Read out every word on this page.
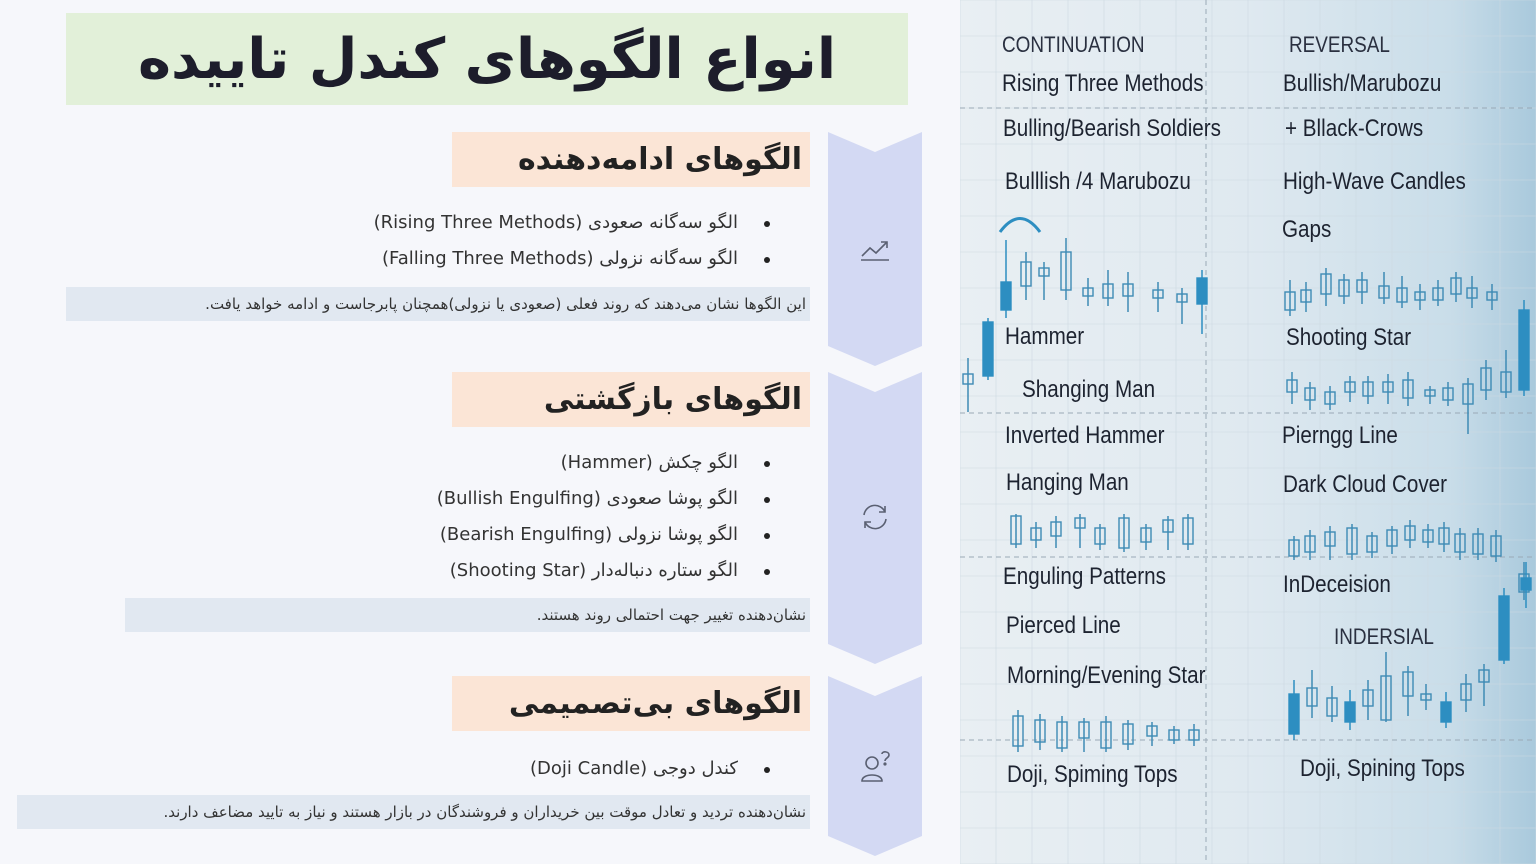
انواع الگوهای کندل تاییده
الگوهای ادامه‌دهنده
الگو سه‌گانه صعودی (Rising Three Methods)
الگو سه‌گانه نزولی (Falling Three Methods)
این الگوها نشان می‌دهند که روند فعلی (صعودی یا نزولی)همچنان پابرجاست و ادامه خواهد یافت.
الگوهای بازگشتی
الگو چکش (Hammer)
الگو پوشا صعودی (Bullish Engulfing)
الگو پوشا نزولی (Bearish Engulfing)
الگو ستاره دنباله‌دار (Shooting Star)
نشان‌دهنده تغییر جهت احتمالی روند هستند.
الگوهای بی‌تصمیمی
کندل دوجی (Doji Candle)
نشان‌دهنده تردید و تعادل موقت بین خریداران و فروشندگان در بازار هستند و نیاز به تایید مضاعف دارند.
CONTINUATION	REVERSAL
Rising Three Methods
Bulling/Bearish Soldiers
Bulllish /4 Marubozu
Hammer
Shanging Man
Inverted Hammer
Hanging Man
Enguling Patterns
Pierced Line
Morning/Evening Star
Doji, Spiming Tops
Bullish/Marubozu
+ Bllack-Crows
High-Wave Candles
Gaps
Shooting Star
Pierngg Line
Dark Cloud Cover
InDeceision
INDERSIAL
Doji, Spining Tops
